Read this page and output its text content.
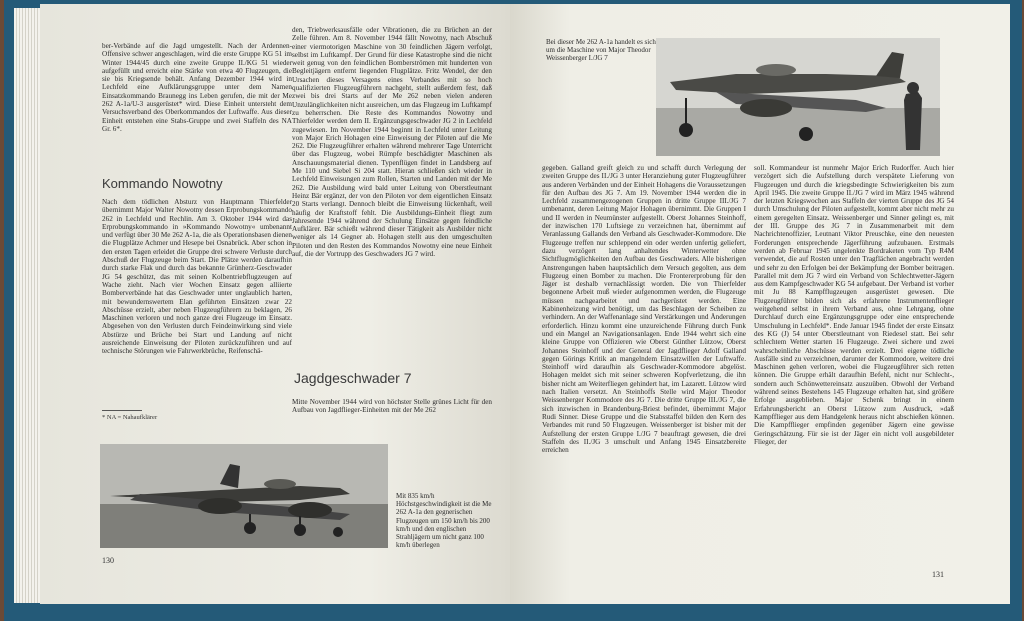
ber-Verbände auf die Jagd umgestellt. Nach der Ardennen-Offensive schwer angeschlagen, wird die erste Gruppe KG 51 im Winter 1944/45 durch eine zweite Gruppe II./KG 51 wieder aufgefüllt und erreicht eine Stärke von etwa 40 Flugzeugen, die sie bis Kriegsende behält. Anfang Dezember 1944 wird in Lechfeld eine Aufklärungsgruppe unter dem Namen Einsatzkommando Braunegg ins Leben gerufen, die mit der Me 262 A-1a/U-3 ausgerüstet* wird. Diese Einheit untersteht dem Versuchsverband des Oberkommandos der Luftwaffe. Aus dieser Einheit entstehen eine Stabs-Gruppe und zwei Staffeln des NA Gr. 6*.

Kommando Nowotny

Nach dem tödlichen Absturz von Hauptmann Thierfelder übernimmt Major Walter Nowotny dessen Erprobungskommando 262 in Lechfeld und Rechlin. Am 3. Oktober 1944 wird das Erprobungskommando in »Kommando Nowotny« umbenannt und verfügt über 30 Me 262 A-1a, die als Operationsbasen dienen die Flugplätze Achmer und Hesepe bei Osnabrück. Aber schon in den ersten Tagen erleidet die Gruppe drei schwere Verluste durch Abschuß der Flugzeuge beim Start. Die Plätze werden daraufhin durch starke Flak und durch das bekannte Grünherz-Geschwader JG 54 geschützt, das mit seinen Kolbentriebflugzeugen auf Wache zieht. Nach vier Wochen Einsatz gegen alliierte Bomberverbände hat das Geschwader unter unglaublich harten, mit bewundernswertem Elan geführten Einsätzen zwar 22 Abschüsse erzielt, aber neben Flugzeugführern zu beklagen, 26 Maschinen verloren und noch ganze drei Flugzeuge im Einsatz. Abgesehen von den Verlusten durch Feindeinwirkung sind viele Abstürze und Brüche bei Start und Landung auf nicht ausreichende Einweisung der Piloten zurückzuführen und auf technische Störungen wie Fahrwerkbrüche, Reifenschä-

* NA = Nahaufklärer

den, Triebwerksausfälle oder Vibrationen, die zu Brüchen an der Zelle führen. Am 8. November 1944 fällt Nowotny, nach Abschuß einer viermotorigen Maschine von 30 feindlichen Jägern verfolgt, selbst im Luftkampf. Der Grund für diese Katastrophe sind die nicht weit genug von den feindlichen Bomberströmen mit hunderten von Begleitjägern entfernt liegenden Flugplätze. Fritz Wendel, der den Ursachen dieses Versagens eines Verbandes mit so hoch qualifizierten Flugzeugführern nachgeht, stellt außerdem fest, daß zwei bis drei Starts auf der Me 262 neben vielen anderen Unzulänglichkeiten nicht ausreichen, um das Flugzeug im Luftkampf zu beherrschen. Die Reste des Kommandos Nowotny und Thierfelder werden dem II. Ergänzungsgeschwader JG 2 in Lechfeld zugewiesen. Im November 1944 beginnt in Lechfeld unter Leitung von Major Erich Hohagen eine Einweisung der Piloten auf die Me 262. Die Flugzeugführer erhalten während mehrerer Tage Unterricht über das Flugzeug, wobei Rümpfe beschädigter Maschinen als Anschauungsmaterial dienen. Typenflügen findet in Landsberg auf Me 110 und Siebel Si 204 statt. Hieran schließen sich wieder in Lechfeld Einweisungen zum Rollen, Starten und Landen mit der Me 262. Die Ausbildung wird bald unter Leitung von Oberstleutnant Heinz Bär ergänzt, der von den Piloten vor dem eigentlichen Einsatz 20 Starts verlangt. Dennoch bleibt die Einweisung lückenhaft, weil häufig der Kraftstoff fehlt. Die Ausbildungs-Einheit fliegt zum Jahresende 1944 während der Schulung Einsätze gegen feindliche Aufklärer. Bär schießt während dieser Tätigkeit als Ausbilder nicht weniger als 14 Gegner ab. Hohagen stellt aus den umgeschulten Piloten und den Resten des Kommandos Nowotny eine neue Einheit auf, die der Vortrupp des Geschwaders JG 7 wird.

Jagdgeschwader 7

Mitte November 1944 wird von höchster Stelle grünes Licht für den Aufbau von Jagdflieger-Einheiten mit der Me 262

Mit 835 km/h Höchstgeschwindigkeit ist die Me 262 A-1a den gegnerischen Flugzeugen um 150 km/h bis 200 km/h und den englischen Strahljägern um nicht ganz 100 km/h überlegen
130
Bei dieser Me 262 A-1a handelt es sich um die Maschine von Major Theodor Weissenberger I./JG 7

gegeben. Galland greift gleich zu und schafft durch Verlegung der zweiten Gruppe des II./JG 3 unter Heranziehung guter Flugzeugführer aus anderen Verbänden und der Einheit Hohagens die Voraussetzungen für den Aufbau des JG 7. Am 19. November 1944 werden die in Lechfeld zusammengezogenen Gruppen in dritte Gruppe III./JG 7 umbenannt, deren Leitung Major Hohagen übernimmt. Die Gruppen I und II werden in Neumünster aufgestellt. Oberst Johannes Steinhoff, der inzwischen 170 Luftsiege zu verzeichnen hat, übernimmt auf Veranlassung Gallands den Verband als Geschwader-Kommodore. Die Flugzeuge treffen nur schleppend ein oder werden unfertig geliefert, dazu verzögert lang anhaltendes Winterwetter ohne Sichtflugmöglichkeiten den Aufbau des Geschwaders. Alle bisherigen Anstrengungen haben hauptsächlich dem Versuch gegolten, aus dem Flugzeug einen Bomber zu machen. Die Frontererprobung für den Jäger ist deshalb vernachlässigt worden. Die von Thierfelder begonnene Arbeit muß wieder aufgenommen werden, die Flugzeuge müssen nachgearbeitet und nachgerüstet werden. Eine Kabinenheizung wird benötigt, um das Beschlagen der Scheiben zu verhindern. An der Waffenanlage sind Verstärkungen und Änderungen erforderlich. Hinzu kommt eine unzureichende Führung durch Funk und ein Mangel an Navigationsanlagen. Ende 1944 wehrt sich eine kleine Gruppe von Offizieren wie Oberst Günther Lützow, Oberst Johannes Steinhoff und der General der Jagdflieger Adolf Galland gegen Görings Kritik an mangelndem Einsatzwillen der Luftwaffe. Steinhoff wird daraufhin als Geschwader-Kommodore abgelöst. Hohagen meldet sich mit seiner schweren Kopfverletzung, die ihn bisher nicht am Weiterfliegen gehindert hat, im Lazarett. Lützow wird nach Italien versetzt. An Steinhoffs Stelle wird Major Theodor Weissenberger Kommodore des JG 7. Die dritte Gruppe III./JG 7, die sich inzwischen in Brandenburg-Briest befindet, übernimmt Major Rudi Sinner. Diese Gruppe und die Stabsstaffel bilden den Kern des Verbandes mit rund 50 Flugzeugen. Weissenberger ist bisher mit der Aufstellung der ersten Gruppe I./JG 7 beauftragt gewesen, die drei Staffeln des II./JG 3 umschult und Anfang 1945 Einsatzbereite erreichen

soll. Kommandeur ist nunmehr Major Erich Rudorffer. Auch hier verzögert sich die Aufstellung durch verspätete Lieferung von Flugzeugen und durch die kriegsbedingte Schwierigkeiten bis zum April 1945. Die zweite Gruppe II./JG 7 wird im März 1945 während der letzten Kriegswochen aus Staffeln der vierten Gruppe des JG 54 durch Umschulung der Piloten aufgestellt, kommt aber nicht mehr zu einem geregelten Einsatz. Weissenberger und Sinner gelingt es, mit der III. Gruppe des JG 7 in Zusammenarbeit mit dem Nachrichtenoffizier, Leutnant Viktor Preuschke, eine den neuesten Forderungen entsprechende Jägerführung aufzubauen. Erstmals werden ab Februar 1945 ungelenkte Bordraketen vom Typ R4M verwendet, die auf Rosten unter den Tragflächen angebracht werden und sehr zu den Erfolgen bei der Bekämpfung der Bomber beitragen. Parallel mit dem JG 7 wird ein Verband von Schlechtwetter-Jägern aus dem Kampfgeschwader KG 54 aufgebaut. Der Verband ist vorher mit Ju 88 Kampfflugzeugen ausgerüstet gewesen. Die Flugzeugführer bilden sich als erfahrene Instrumentenflieger weitgehend selbst in ihrem Verband aus, ohne Lehrgang, ohne Durchlauf durch eine Ergänzungsgruppe oder eine entsprechende Umschulung in Lechfeld*. Ende Januar 1945 findet der erste Einsatz des KG (J) 54 unter Oberstleutnant von Riedesel statt. Bei sehr schlechtem Wetter starten 16 Flugzeuge. Zwei sichere und zwei wahrscheinliche Abschüsse werden erzielt. Drei eigene tödliche Ausfälle sind zu verzeichnen, darunter der Kommodore, weitere drei Maschinen gehen verloren, wobei die Flugzeugführer sich retten können. Die Gruppe erhält daraufhin Befehl, nicht nur Schlecht-, sondern auch Schönwettereinsatz auszuüben. Obwohl der Verband während seines Bestehens 145 Flugzeuge erhalten hat, sind größere Erfolge ausgeblieben. Major Schenk bringt in einem Erfahrungsbericht an Oberst Lützow zum Ausdruck, »daß Kampfflieger aus dem Handgelenk heraus nicht abschießen können. Die Kampfflieger empfinden gegenüber Jägern eine gewisse Geringschätzung. Für sie ist der Jäger ein nicht voll ausgebildeter Flieger, der

131
